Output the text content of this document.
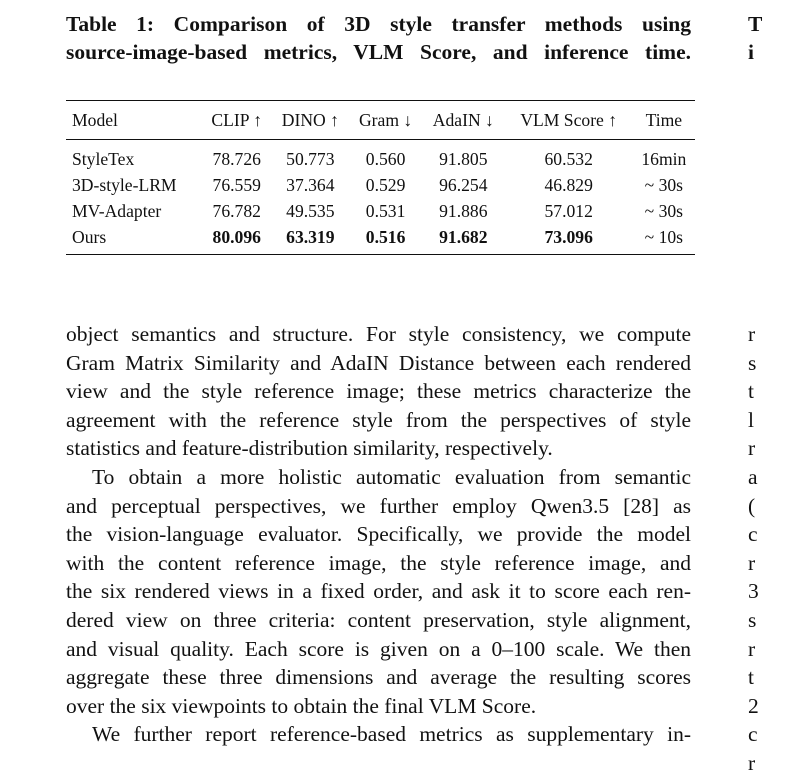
Table 1: Comparison of 3D style transfer methods using
source-image-based metrics, VLM Score, and inference time.
Model	CLIP ↑	DINO ↑	Gram ↓	AdaIN ↓	VLM Score ↑	Time
StyleTex	78.726	50.773	0.560	91.805	60.532	16min
3D-style-LRM	76.559	37.364	0.529	96.254	46.829	~ 30s
MV-Adapter	76.782	49.535	0.531	91.886	57.012	~ 30s
Ours	80.096	63.319	0.516	91.682	73.096	~ 10s
object semantics and structure. For style consistency, we compute
Gram Matrix Similarity and AdaIN Distance between each rendered
view and the style reference image; these metrics characterize the
agreement with the reference style from the perspectives of style
statistics and feature-distribution similarity, respectively.
To obtain a more holistic automatic evaluation from semantic
and perceptual perspectives, we further employ Qwen3.5 [28] as
the vision-language evaluator. Specifically, we provide the model
with the content reference image, the style reference image, and
the six rendered views in a fixed order, and ask it to score each ren-
dered view on three criteria: content preservation, style alignment,
and visual quality. Each score is given on a 0–100 scale. We then
aggregate these three dimensions and average the resulting scores
over the six viewpoints to obtain the final VLM Score.
We further report reference-based metrics as supplementary in-
T
i
r
s
t
l
r
a
(
c
r
3
s
r
t
2
c
r
